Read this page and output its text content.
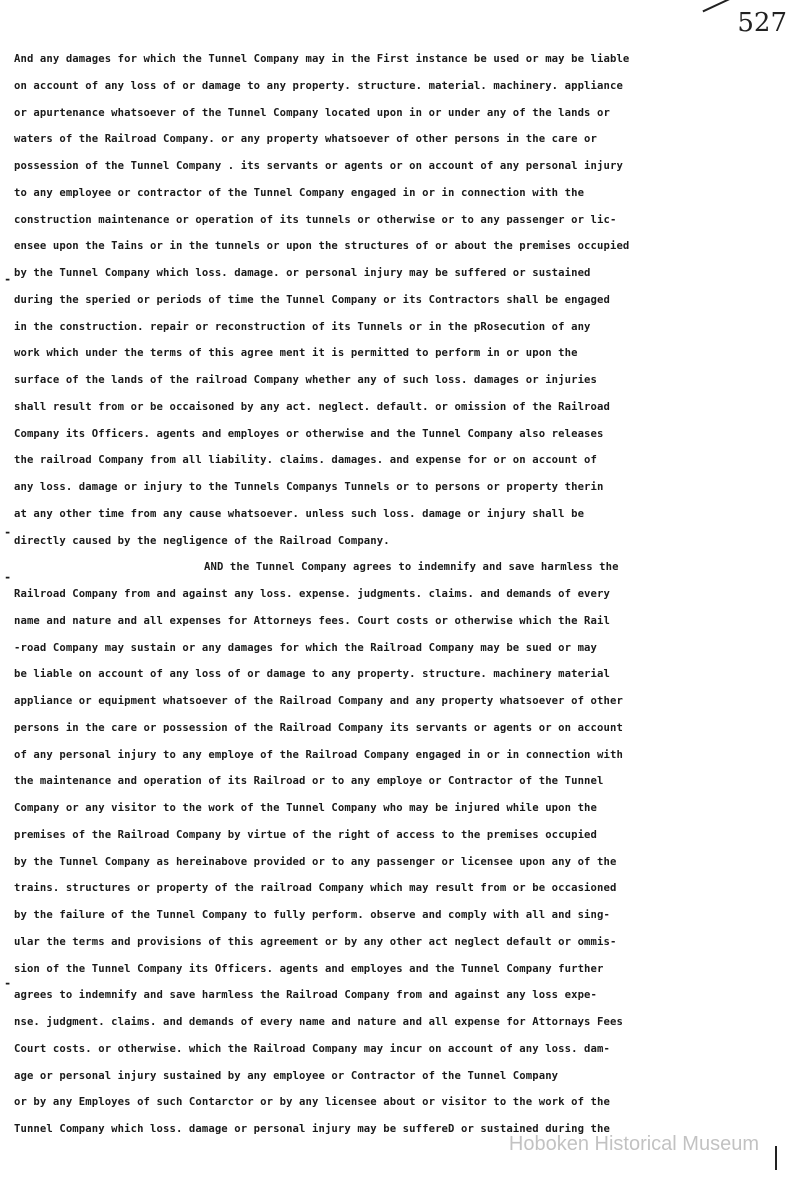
527
And any damages for which the Tunnel Company may in the First instance be used or may be liable
on account of any loss of or damage to any property. structure. material. machinery. appliance
or apurtenance whatsoever of the Tunnel Company located upon in or under any of the lands or
waters of the Railroad Company. or any property whatsoever of other persons in the care or
possession of the Tunnel Company . its servants or agents or on account of any personal injury
to any employee or contractor of the Tunnel Company engaged in or in connection with the
construction maintenance or operation of its tunnels or otherwise or to any passenger or lic-
ensee upon the Tains or in the tunnels or upon the structures of or about the premises occupied
by the Tunnel Company which loss. damage. or personal injury may be suffered or sustained
during the speried or periods of time the Tunnel Company or its Contractors shall be engaged
in the construction. repair or reconstruction of its Tunnels or in the pRosecution of any
work which under the terms of this agree ment it is permitted to perform in or upon the
surface of the lands of the railroad Company whether any of such loss. damages or injuries
shall result from or be occaisoned by any act. neglect. default. or omission of the Railroad
Company its Officers. agents and employes or otherwise and the Tunnel Company also releases
the railroad Company from all liability. claims. damages. and expense for or on account of
any loss. damage or injury to the Tunnels Companys Tunnels or to persons or property therin
at any other time from any cause whatsoever. unless such loss. damage or injury shall be
directly caused by the negligence of the Railroad Company.
AND the Tunnel Company agrees to indemnify and save harmless the
Railroad Company from and against any loss. expense. judgments. claims. and demands of every
name and nature and all expenses for Attorneys fees. Court costs or otherwise which the Rail
-road Company may sustain or any damages for which the Railroad Company may be sued or may
be liable on account of any loss of or damage to any property. structure. machinery material
appliance or equipment whatsoever of the Railroad Company and any property whatsoever of other
persons in the care or possession of the Railroad Company its servants or agents or on account
of any personal injury to any employe of the Railroad Company engaged in or in connection with
the maintenance and operation of its Railroad or to any employe or Contractor of the Tunnel
Company or any visitor to the work of the Tunnel Company who may be injured while upon the
premises of the Railroad Company by virtue of the right of access to the premises occupied
by the Tunnel Company as hereinabove provided or to any passenger or licensee upon any of the
trains. structures or property of the railroad Company which may result from or be occasioned
by the failure of the Tunnel Company to fully perform. observe and comply with all and sing-
ular the terms and provisions of this agreement or by any other act neglect default or ommis-
sion of the Tunnel Company its Officers. agents and employes and the Tunnel Company further
agrees to indemnify and save harmless the Railroad Company from and against any loss expe-
nse. judgment. claims. and demands of every name and nature and all expense for Attornays Fees
Court costs. or otherwise. which the Railroad Company may incur on account of any loss. dam-
age or personal injury sustained by any employee or Contractor of the Tunnel Company
or by any Employes of such Contarctor or by any licensee about or visitor to the work of the
Tunnel Company which loss. damage or personal injury may be suffereD or sustained during the
-
-
-
-
Hoboken Historical Museum
